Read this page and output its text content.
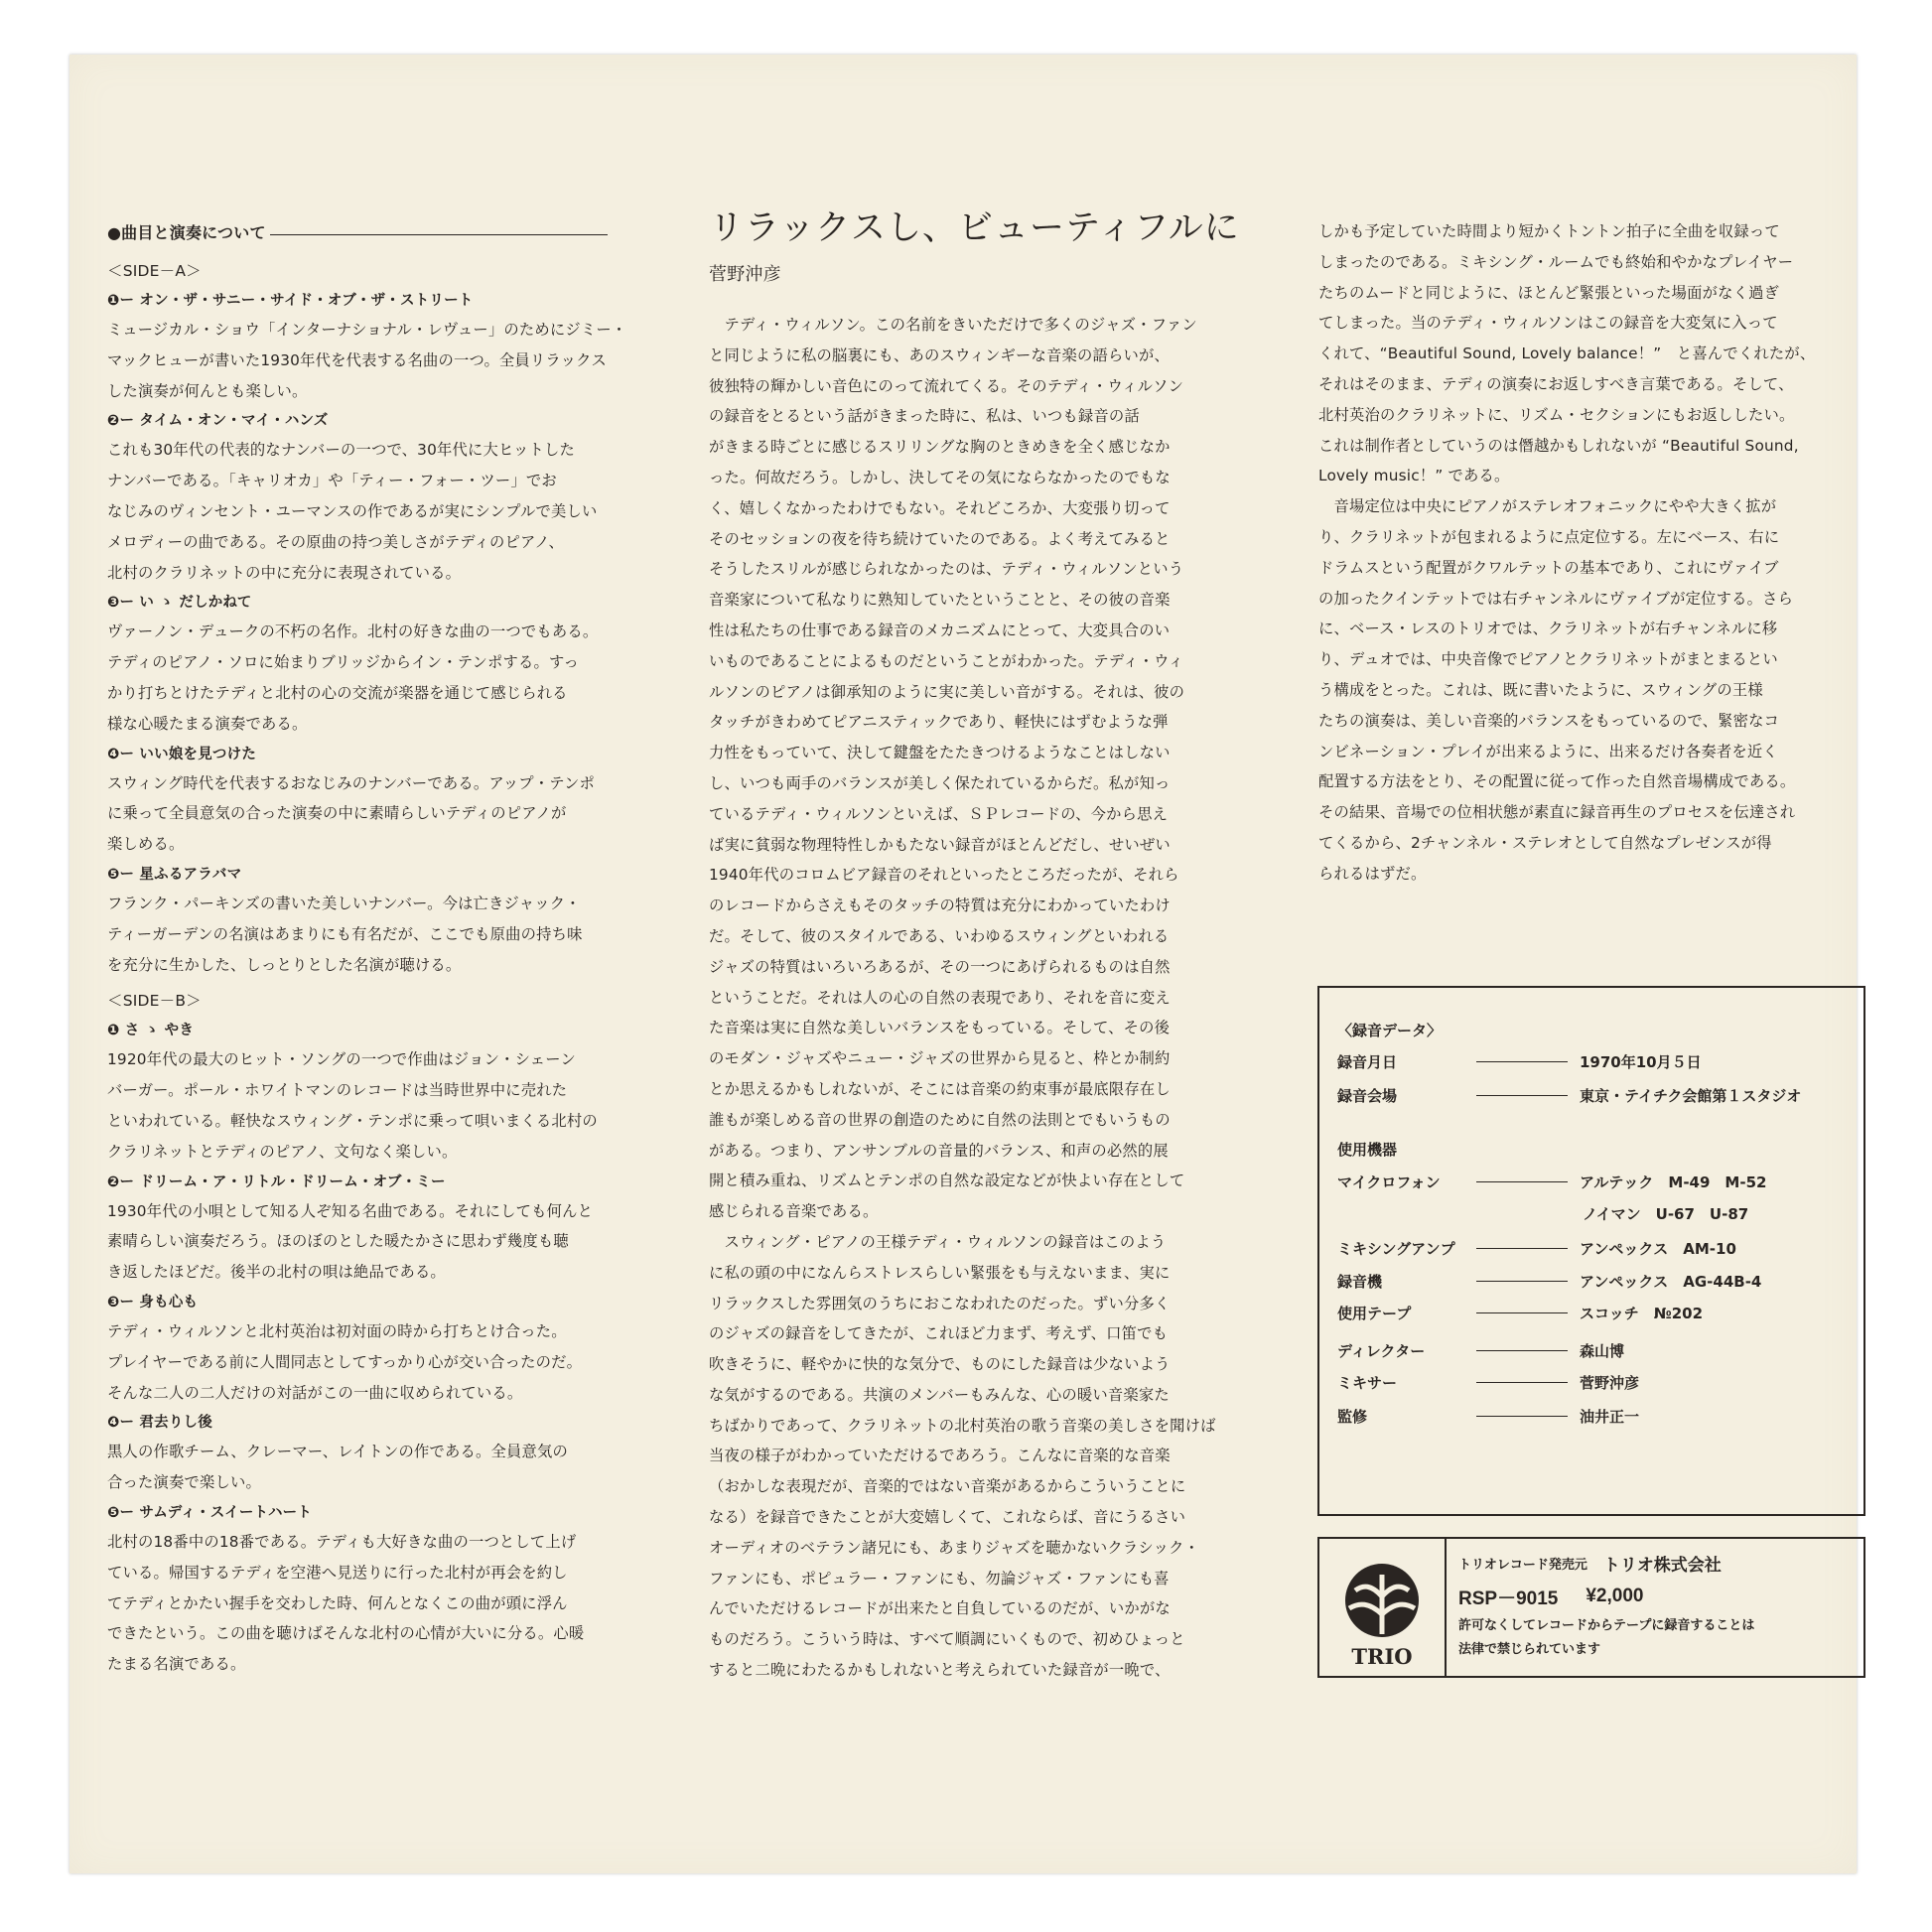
●曲目と演奏について
＜SIDE－A＞
❶ー オン・ザ・サニー・サイド・オブ・ザ・ストリート

ミュージカル・ショウ「インターナショナル・レヴュー」のためにジミー・

マックヒューが書いた1930年代を代表する名曲の一つ。全員リラックス

した演奏が何んとも楽しい。

❷ー タイム・オン・マイ・ハンズ

これも30年代の代表的なナンバーの一つで、30年代に大ヒットした

ナンバーである。「キャリオカ」や「ティー・フォー・ツー」でお

なじみのヴィンセント・ユーマンスの作であるが実にシンプルで美しい

メロディーの曲である。その原曲の持つ美しさがテディのピアノ、

北村のクラリネットの中に充分に表現されている。

❸ー い ゝ だしかねて

ヴァーノン・デュークの不朽の名作。北村の好きな曲の一つでもある。

テディのピアノ・ソロに始まりブリッジからイン・テンポする。すっ

かり打ちとけたテディと北村の心の交流が楽器を通じて感じられる

様な心暖たまる演奏である。

❹ー いい娘を見つけた

スウィング時代を代表するおなじみのナンバーである。アップ・テンポ

に乗って全員意気の合った演奏の中に素晴らしいテディのピアノが

楽しめる。

❺ー 星ふるアラバマ

フランク・パーキンズの書いた美しいナンバー。今は亡きジャック・

ティーガーデンの名演はあまりにも有名だが、ここでも原曲の持ち味

を充分に生かした、しっとりとした名演が聴ける。

＜SIDE－B＞
❶ さ ゝ やき

1920年代の最大のヒット・ソングの一つで作曲はジョン・シェーン

バーガー。ポール・ホワイトマンのレコードは当時世界中に売れた

といわれている。軽快なスウィング・テンポに乗って唄いまくる北村の

クラリネットとテディのピアノ、文句なく楽しい。

❷ー ドリーム・ア・リトル・ドリーム・オブ・ミー

1930年代の小唄として知る人ぞ知る名曲である。それにしても何んと

素晴らしい演奏だろう。ほのぼのとした暖たかさに思わず幾度も聴

き返したほどだ。後半の北村の唄は絶品である。

❸ー 身も心も

テディ・ウィルソンと北村英治は初対面の時から打ちとけ合った。

プレイヤーである前に人間同志としてすっかり心が交い合ったのだ。

そんな二人の二人だけの対話がこの一曲に収められている。

❹ー 君去りし後

黒人の作歌チーム、クレーマー、レイトンの作である。全員意気の

合った演奏で楽しい。

❺ー サムディ・スイートハート

北村の18番中の18番である。テディも大好きな曲の一つとして上げ

ている。帰国するテディを空港へ見送りに行った北村が再会を約し

てテディとかたい握手を交わした時、何んとなくこの曲が頭に浮ん

できたという。この曲を聴けばそんな北村の心情が大いに分る。心暖

たまる名演である。

リラックスし、ビューティフルに
菅野沖彦

　テディ・ウィルソン。この名前をきいただけで多くのジャズ・ファン

と同じように私の脳裏にも、あのスウィンギーな音楽の語らいが、

彼独特の輝かしい音色にのって流れてくる。そのテディ・ウィルソン

の録音をとるという話がきまった時に、私は、いつも録音の話

がきまる時ごとに感じるスリリングな胸のときめきを全く感じなか

った。何故だろう。しかし、決してその気にならなかったのでもな

く、嬉しくなかったわけでもない。それどころか、大変張り切って

そのセッションの夜を待ち続けていたのである。よく考えてみると

そうしたスリルが感じられなかったのは、テディ・ウィルソンという

音楽家について私なりに熟知していたということと、その彼の音楽

性は私たちの仕事である録音のメカニズムにとって、大変具合のい

いものであることによるものだということがわかった。テディ・ウィ

ルソンのピアノは御承知のように実に美しい音がする。それは、彼の

タッチがきわめてピアニスティックであり、軽快にはずむような弾

力性をもっていて、決して鍵盤をたたきつけるようなことはしない

し、いつも両手のバランスが美しく保たれているからだ。私が知っ

ているテディ・ウィルソンといえば、ＳＰレコードの、今から思え

ば実に貧弱な物理特性しかもたない録音がほとんどだし、せいぜい

1940年代のコロムビア録音のそれといったところだったが、それら

のレコードからさえもそのタッチの特質は充分にわかっていたわけ

だ。そして、彼のスタイルである、いわゆるスウィングといわれる

ジャズの特質はいろいろあるが、その一つにあげられるものは自然

ということだ。それは人の心の自然の表現であり、それを音に変え

た音楽は実に自然な美しいバランスをもっている。そして、その後

のモダン・ジャズやニュー・ジャズの世界から見ると、枠とか制約

とか思えるかもしれないが、そこには音楽の約束事が最底限存在し

誰もが楽しめる音の世界の創造のために自然の法則とでもいうもの

がある。つまり、アンサンブルの音量的バランス、和声の必然的展

開と積み重ね、リズムとテンポの自然な設定などが快よい存在として

感じられる音楽である。

　スウィング・ピアノの王様テディ・ウィルソンの録音はこのよう

に私の頭の中になんらストレスらしい緊張をも与えないまま、実に

リラックスした雰囲気のうちにおこなわれたのだった。ずい分多く

のジャズの録音をしてきたが、これほど力まず、考えず、口笛でも

吹きそうに、軽やかに快的な気分で、ものにした録音は少ないよう

な気がするのである。共演のメンバーもみんな、心の暖い音楽家た

ちばかりであって、クラリネットの北村英治の歌う音楽の美しさを聞けば

当夜の様子がわかっていただけるであろう。こんなに音楽的な音楽

（おかしな表現だが、音楽的ではない音楽があるからこういうことに

なる）を録音できたことが大変嬉しくて、これならば、音にうるさい

オーディオのベテラン諸兄にも、あまりジャズを聴かないクラシック・

ファンにも、ポピュラー・ファンにも、勿論ジャズ・ファンにも喜

んでいただけるレコードが出来たと自負しているのだが、いかがな

ものだろう。こういう時は、すべて順調にいくもので、初めひょっと

すると二晩にわたるかもしれないと考えられていた録音が一晩で、

しかも予定していた時間より短かくトントン拍子に全曲を収録って

しまったのである。ミキシング・ルームでも終始和やかなプレイヤー

たちのムードと同じように、ほとんど緊張といった場面がなく過ぎ

てしまった。当のテディ・ウィルソンはこの録音を大変気に入って

くれて、“Beautiful Sound, Lovely balance！”　と喜んでくれたが、

それはそのまま、テディの演奏にお返しすべき言葉である。そして、

北村英治のクラリネットに、リズム・セクションにもお返ししたい。

これは制作者としていうのは僭越かもしれないが “Beautiful Sound,

Lovely music！” である。

　音場定位は中央にピアノがステレオフォニックにやや大きく拡が

り、クラリネットが包まれるように点定位する。左にベース、右に

ドラムスという配置がクワルテットの基本であり、これにヴァイブ

の加ったクインテットでは右チャンネルにヴァイブが定位する。さら

に、ベース・レスのトリオでは、クラリネットが右チャンネルに移

り、デュオでは、中央音像でピアノとクラリネットがまとまるとい

う構成をとった。これは、既に書いたように、スウィングの王様

たちの演奏は、美しい音楽的バランスをもっているので、緊密なコ

ンビネーション・プレイが出来るように、出来るだけ各奏者を近く

配置する方法をとり、その配置に従って作った自然音場構成である。

その結果、音場での位相状態が素直に録音再生のプロセスを伝達され

てくるから、2チャンネル・ステレオとして自然なプレゼンスが得

られるはずだ。

〈録音データ〉
録音月日	1970年10月５日
録音会場	東京・テイチク会館第１スタジオ
使用機器
マイクロフォン	アルテック　M-49　M-52
ノイマン　U-67　U-87
ミキシングアンプ	アンペックス　AM-10
録音機	アンペックス　AG-44B-4
使用テープ	スコッチ　№202
ディレクター	森山博
ミキサー	菅野沖彦
監修	油井正一
TRIO
トリオレコード発売元 トリオ株式会社
RSP－9015 ¥2,000
許可なくしてレコードからテープに録音することは
法律で禁じられています
